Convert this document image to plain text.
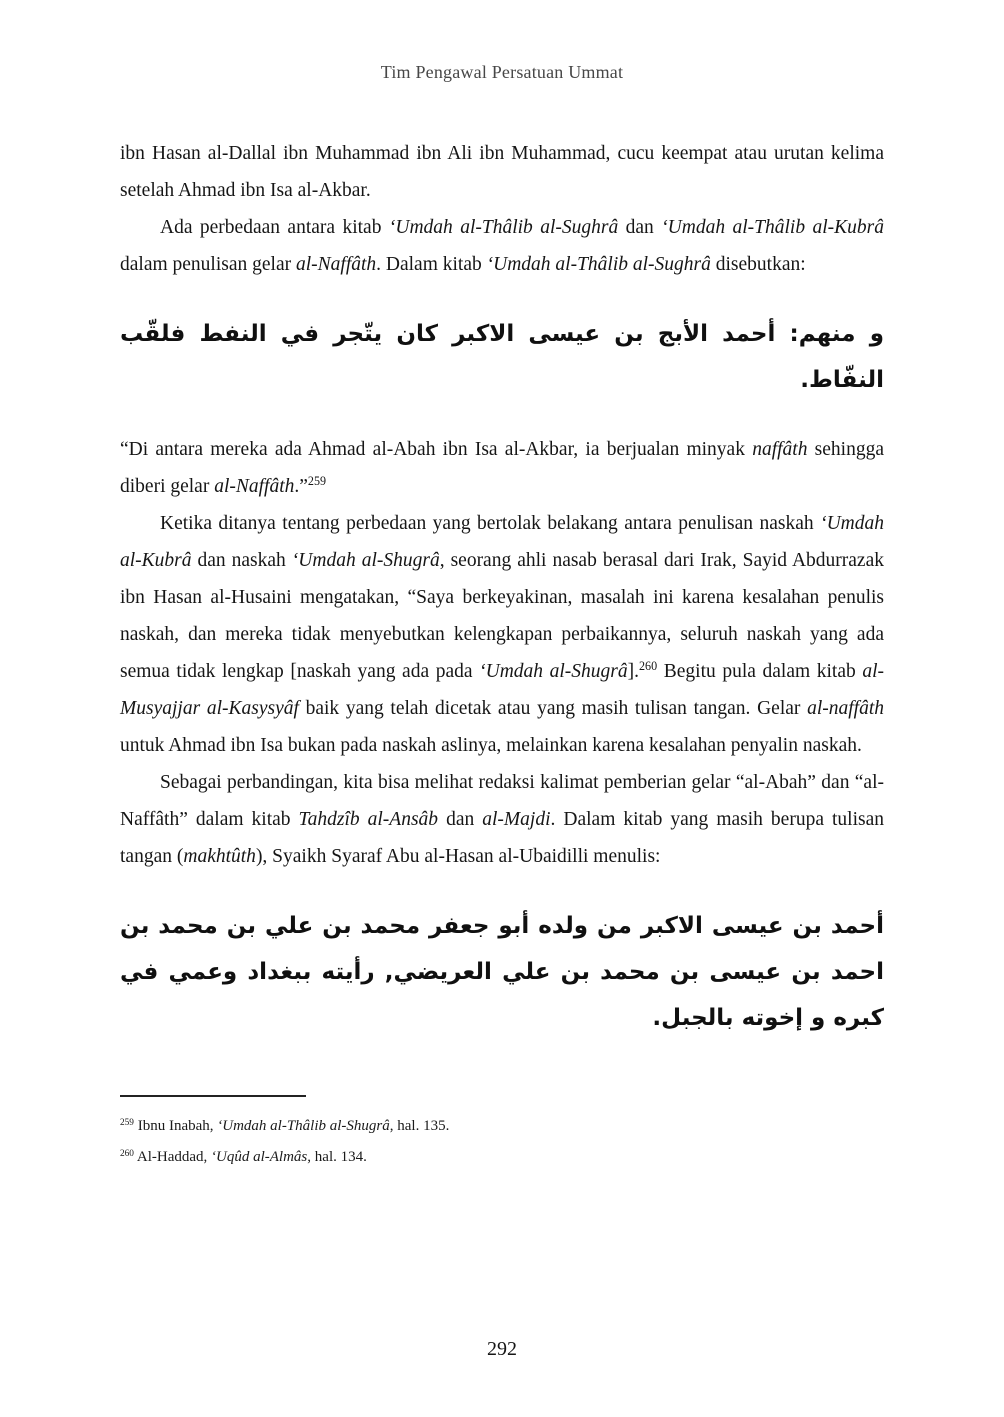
Tim Pengawal Persatuan Ummat

ibn Hasan al-Dallal ibn Muhammad ibn Ali ibn Muhammad, cucu keempat atau urutan kelima setelah Ahmad ibn Isa al-Akbar.

Ada perbedaan antara kitab ‘Umdah al-Thâlib al-Sughrâ dan ‘Umdah al-Thâlib al-Kubrâ dalam penulisan gelar al-Naffâth. Dalam kitab ‘Umdah al-Thâlib al-Sughrâ disebutkan:

و منهم: أحمد الأبج بن عيسى الاكبر كان يتّجر في النفط فلقّب النفّاط.

“Di antara mereka ada Ahmad al-Abah ibn Isa al-Akbar, ia berjualan minyak naffâth sehingga diberi gelar al-Naffâth.”$^{259}$

Ketika ditanya tentang perbedaan yang bertolak belakang antara penulisan naskah ‘Umdah al-Kubrâ dan naskah ‘Umdah al-Shugrâ, seorang ahli nasab berasal dari Irak, Sayid Abdurrazak ibn Hasan al-Husaini mengatakan, “Saya berkeyakinan, masalah ini karena kesalahan penulis naskah, dan mereka tidak menyebutkan kelengkapan perbaikannya, seluruh naskah yang ada semua tidak lengkap [naskah yang ada pada ‘Umdah al-Shugrâ].$^{260}$ Begitu pula dalam kitab al-Musyajjar al-Kasysyâf baik yang telah dicetak atau yang masih tulisan tangan. Gelar al-naffâth untuk Ahmad ibn Isa bukan pada naskah aslinya, melainkan karena kesalahan penyalin naskah.

Sebagai perbandingan, kita bisa melihat redaksi kalimat pemberian gelar “al-Abah” dan “al-Naffâth” dalam kitab Tahdzîb al-Ansâb dan al-Majdi. Dalam kitab yang masih berupa tulisan tangan (makhtûth), Syaikh Syaraf Abu al-Hasan al-Ubaidilli menulis:

أحمد بن عيسى الاكبر من ولده أبو جعفر محمد بن علي بن محمد بن احمد بن عيسى بن محمد بن علي العريضي, رأيته ببغداد وعمي في كبره و إخوته بالجبل.

$^{259}$ Ibnu Inabah, ‘Umdah al-Thâlib al-Shugrâ, hal. 135.

$^{260}$ Al-Haddad, ‘Uqûd al-Almâs, hal. 134.

292
